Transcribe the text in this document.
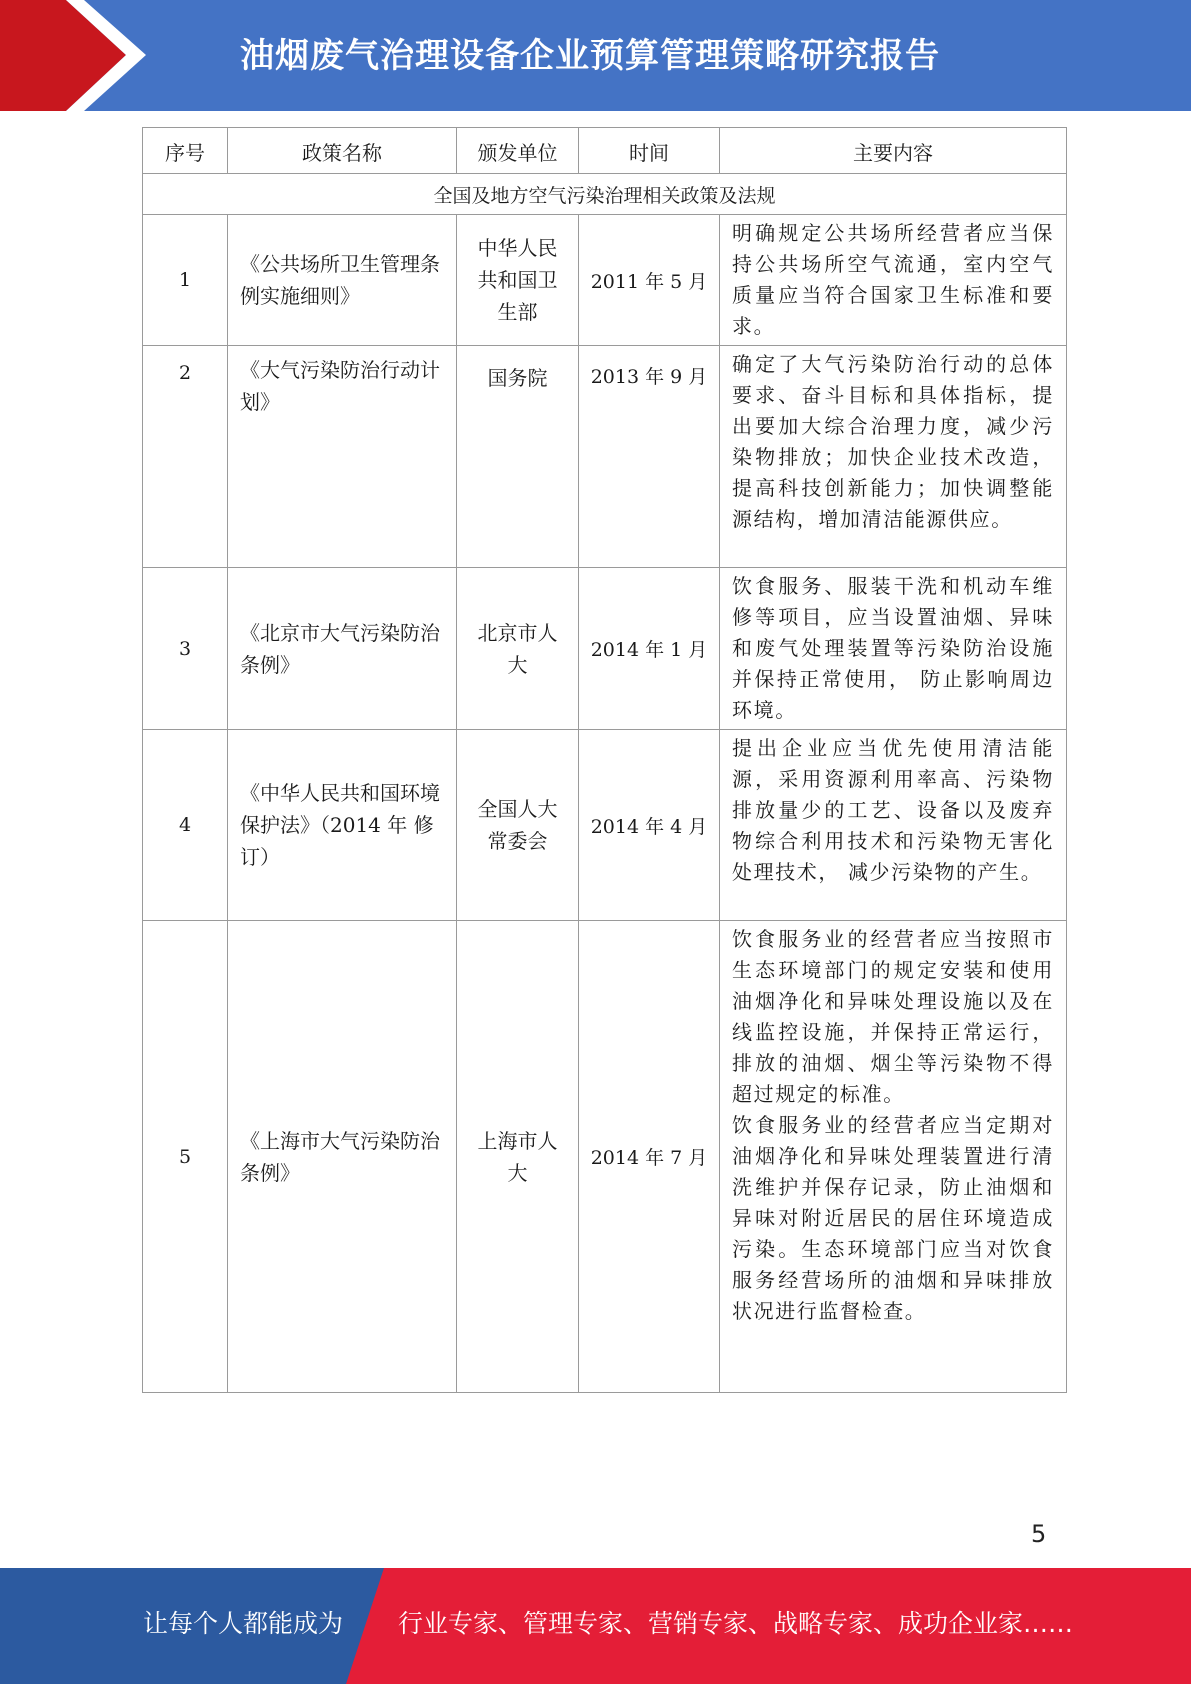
油烟废气治理设备企业预算管理策略研究报告
序号	政策名称	颁发单位	时间	主要内容
全国及地方空气污染治理相关政策及法规				
1	《公共场所卫生管理条例实施细则》	中华人民共和国卫生部	2011 年 5 月	明确规定公共场所经营者应当保 持公共场所空气流通，室内空气 质量应当符合国家卫生标准和要 求。

2	《大气污染防治行动计划》	国务院	2013 年 9 月	确定了大气污染防治行动的总体 要求、奋斗目标和具体指标，提出要加大综合治理力度，减少污 染物排放；加快企业技术改造， 提高科技创新能力；加快调整能 源结构，增加清洁能源供应。

3	《北京市大气污染防治条例》	北京市人大	2014 年 1 月	饮食服务、服装干洗和机动车维 修等项目，应当设置油烟、异味 和废气处理装置等污染防治设施 并保持正常使用， 防止影响周边 环境。

4	《中华人民共和国环境保护法》（2014 年 修订）	全国人大常委会	2014 年 4 月	提出企业应当优先使用清洁能 源，采用资源利用率高、污染物排放量少的工艺、设备以及废弃 物综合利用技术和污染物无害化 处理技术， 减少污染物的产生。

5	《上海市大气污染防治条例》	上海市人大	2014 年 7 月	饮食服务业的经营者应当按照市 生态环境部门的规定安装和使用 油烟净化和异味处理设施以及在 线监控设施，并保持正常运行， 排放的油烟、烟尘等污染物不得 超过规定的标准。
饮食服务业的经营者应当定期对 油烟净化和异味处理装置进行清 洗维护并保存记录，防止油烟和 异味对附近居民的居住环境造成 污染。生态环境部门应当对饮食 服务经营场所的油烟和异味排放 状况进行监督检查。
5
让每个人都能成为 行业专家、管理专家、营销专家、战略专家、成功企业家……
